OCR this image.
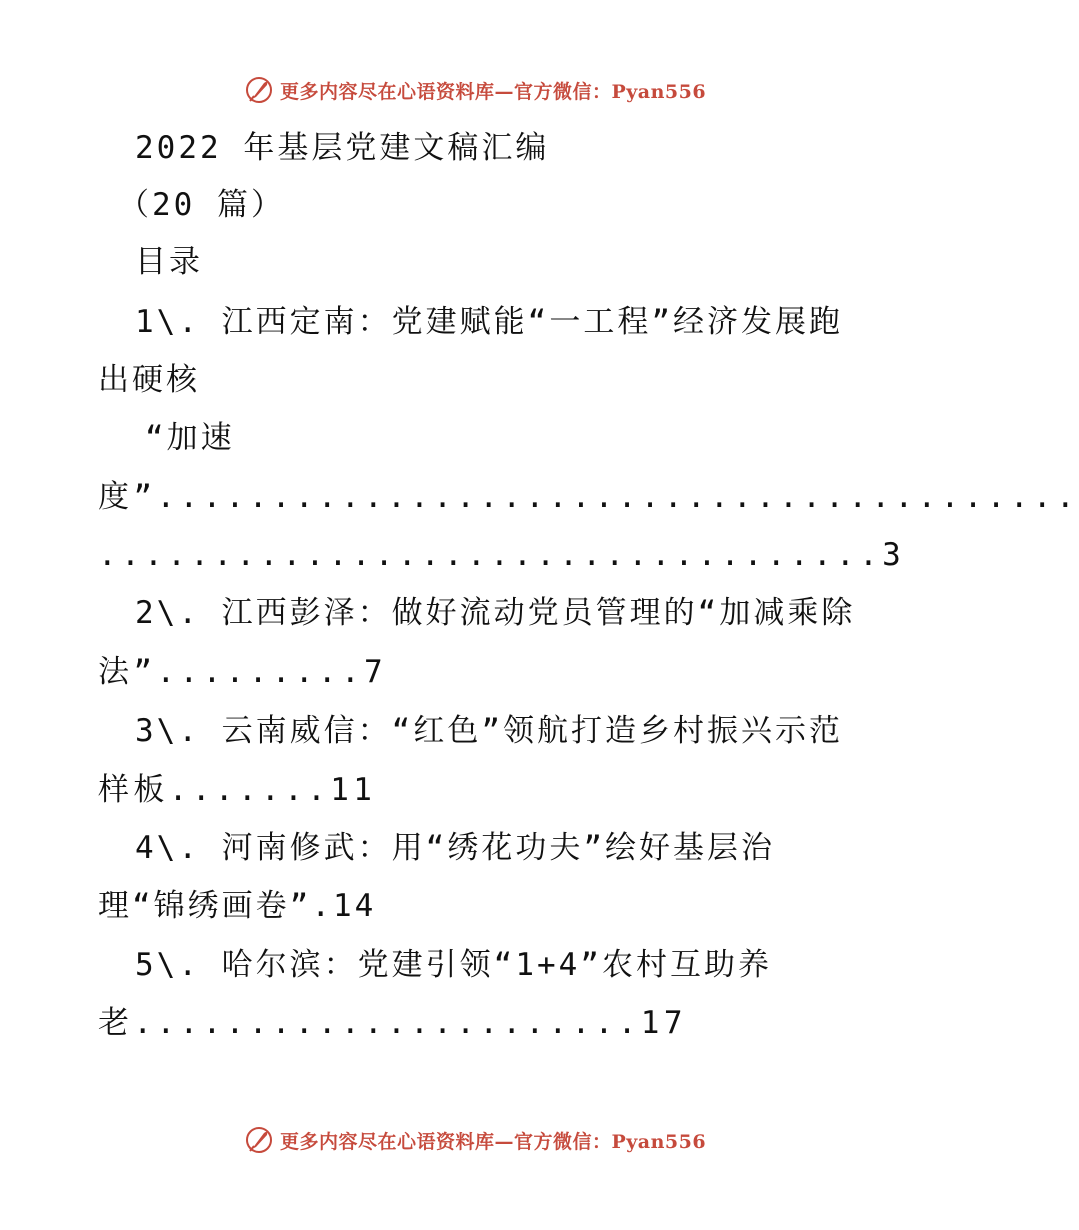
更多内容尽在心语资料库—官方微信：Pyan556
2022 年基层党建文稿汇编
（20 篇）
目录
1\. 江西定南：党建赋能“一工程”经济发展跑
出硬核
“加速
度”........................................
..................................3
2\. 江西彭泽：做好流动党员管理的“加减乘除
法”.........7
3\. 云南威信：“红色”领航打造乡村振兴示范
样板.......11
4\. 河南修武：用“绣花功夫”绘好基层治
理“锦绣画卷”.14
5\. 哈尔滨：党建引领“1+4”农村互助养
老......................17
更多内容尽在心语资料库—官方微信：Pyan556
